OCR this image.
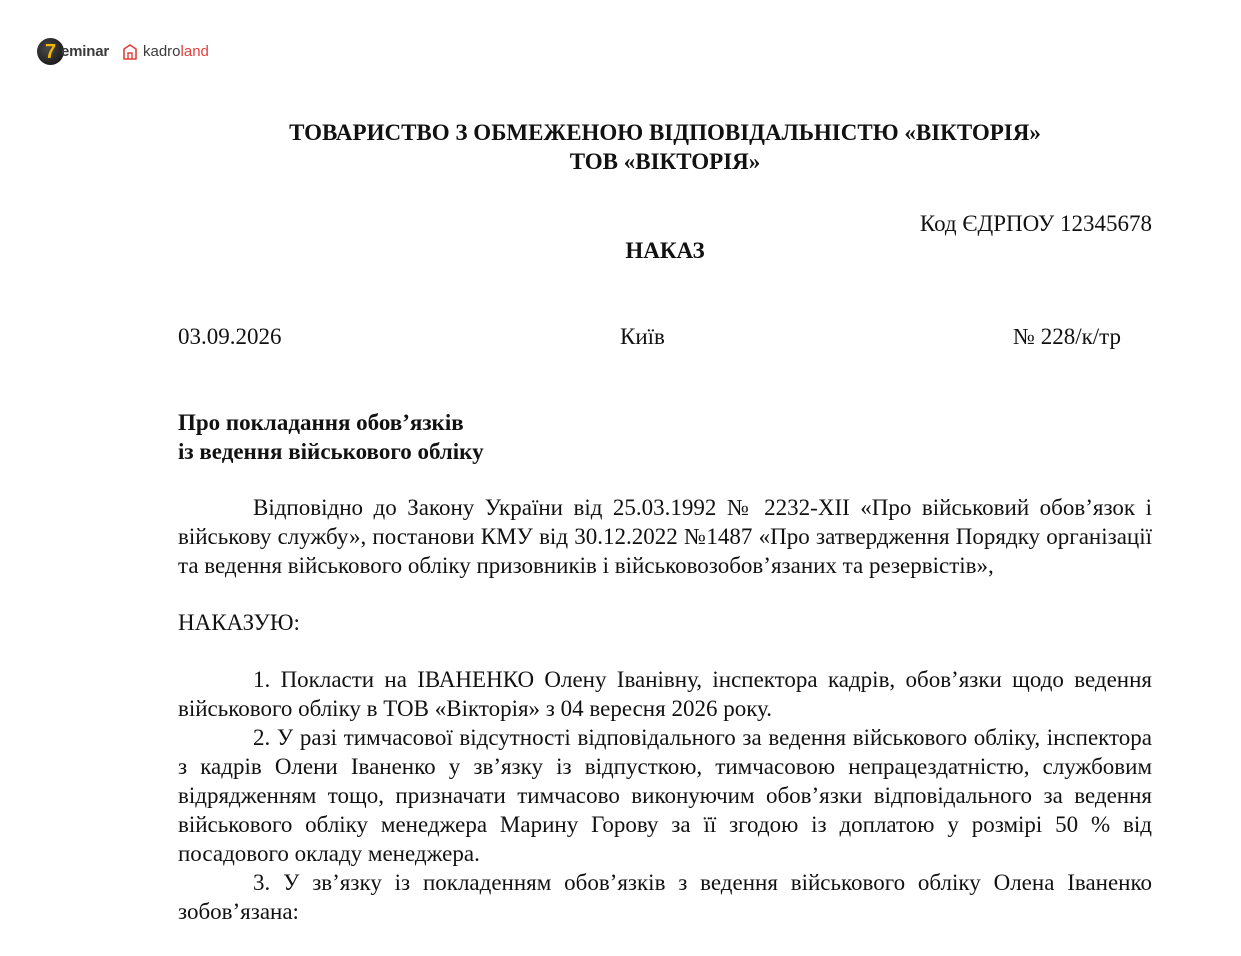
7 eminar kadroland
ТОВАРИСТВО З ОБМЕЖЕНОЮ ВІДПОВІДАЛЬНІСТЮ «ВІКТОРІЯ»
ТОВ «ВІКТОРІЯ»
Код ЄДРПОУ 12345678
НАКАЗ
03.09.2026	Київ	№ 228/к/тр
Про покладання обов’язків
із ведення військового обліку

Відповідно до Закону України від 25.03.1992 № 2232-ХІІ «Про військовий обов’язок і військову службу», постанови КМУ від 30.12.2022 №1487 «Про затвердження Порядку організації та ведення військового обліку призовників і військовозобов’язаних та резервістів»,

НАКАЗУЮ:

1. Покласти на ІВАНЕНКО Олену Іванівну, інспектора кадрів, обов’язки щодо ведення військового обліку в ТОВ «Вікторія» з 04 вересня 2026 року.

2. У разі тимчасової відсутності відповідального за ведення військового обліку, інспектора з кадрів Олени Іваненко у зв’язку із відпусткою, тимчасовою непрацездатністю, службовим відрядженням тощо, призначати тимчасово виконуючим обов’язки відповідального за ведення військового обліку менеджера Марину Горову за її згодою із доплатою у розмірі 50 % від посадового окладу менеджера.

3. У зв’язку із покладенням обов’язків з ведення військового обліку Олена Іваненко зобов’язана:
